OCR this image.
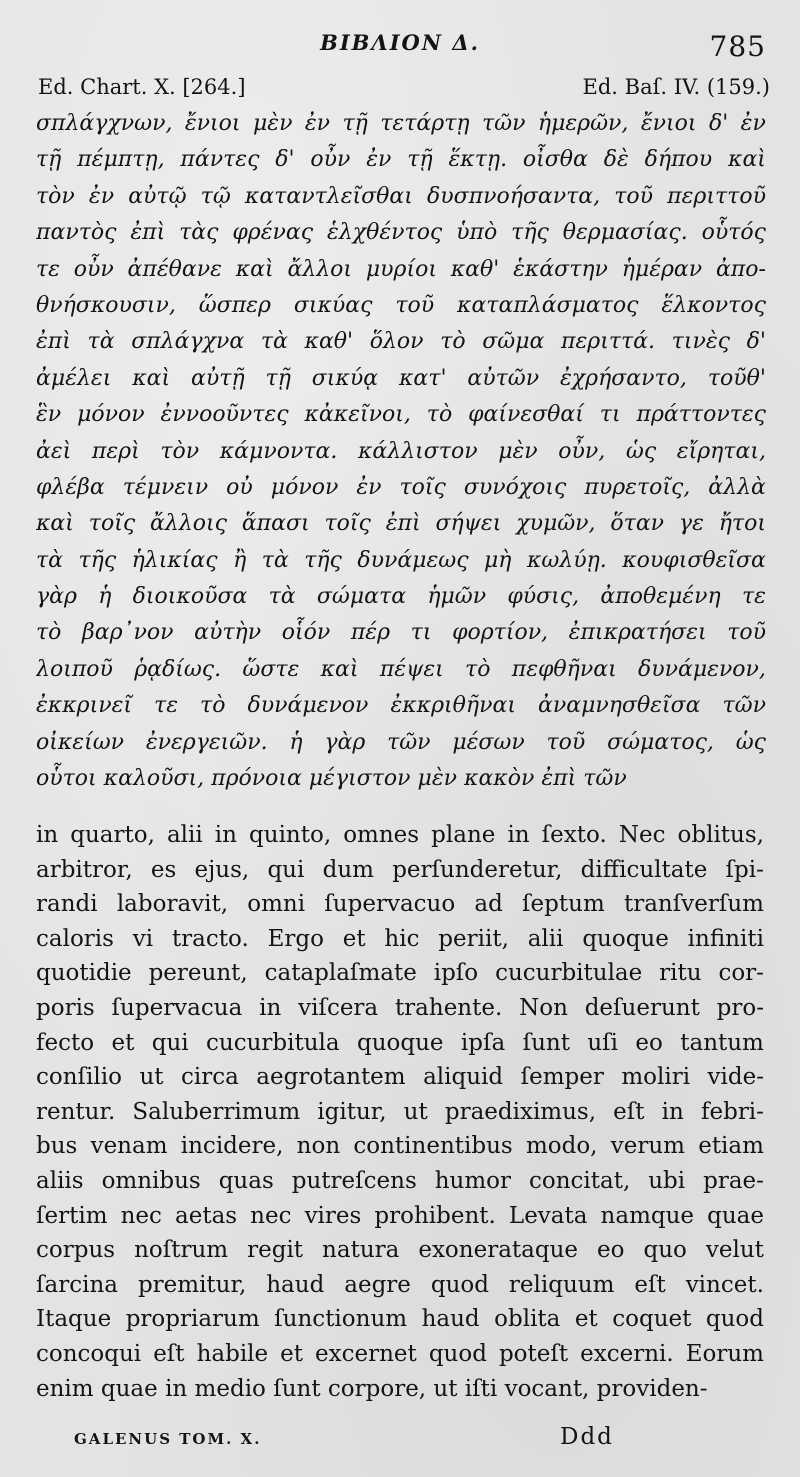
ΒΙΒΛΙΟΝ Δ.	785
Ed. Chart. X. [264.]	Ed. Baſ. IV. (159.)
σπλάγχνων, ἔνιοι μὲν ἐν τῇ τετάρτῃ τῶν ἡμερῶν, ἔνιοι δ' ἐν
τῇ πέμπτῃ, πάντες δ' οὖν ἐν τῇ ἕκτῃ. οἶσθα δὲ δήπου καὶ
τὸν ἐν αὐτῷ τῷ καταντλεῖσθαι δυσπνοήσαντα, τοῦ περιττοῦ
παντὸς ἐπὶ τὰς φρένας ἑλχθέντος ὑπὸ τῆς θερμασίας. οὗτός
τε οὖν ἀπέθανε καὶ ἄλλοι μυρίοι καθ' ἑκάστην ἡμέραν ἀπο-
θνήσκουσιν, ὥσπερ σικύας τοῦ καταπλάσματος ἕλκοντος
ἐπὶ τὰ σπλάγχνα τὰ καθ' ὅλον τὸ σῶμα περιττά. τινὲς δ'
ἀμέλει καὶ αὐτῇ τῇ σικύᾳ κατ' αὐτῶν ἐχρήσαντο, τοῦθ'
ἓν μόνον ἐννοοῦντες κἀκεῖνοι, τὸ φαίνεσθαί τι πράττοντες
ἀεὶ περὶ τὸν κάμνοντα. κάλλιστον μὲν οὖν, ὡς εἴρηται,
φλέβα τέμνειν οὐ μόνον ἐν τοῖς συνόχοις πυρετοῖς, ἀλλὰ
καὶ τοῖς ἄλλοις ἅπασι τοῖς ἐπὶ σήψει χυμῶν, ὅταν γε ἤτοι
τὰ τῆς ἡλικίας ἢ τὰ τῆς δυνάμεως μὴ κωλύῃ. κουφισθεῖσα
γὰρ ἡ διοικοῦσα τὰ σώματα ἡμῶν φύσις, ἀποθεμένη τε
τὸ βαρ᾽νον αὐτὴν οἷόν πέρ τι φορτίον, ἐπικρατήσει τοῦ
λοιποῦ ῥᾳδίως. ὥστε καὶ πέψει τὸ πεφθῆναι δυνάμενον,
ἐκκρινεῖ τε τὸ δυνάμενον ἐκκριθῆναι ἀναμνησθεῖσα τῶν
οἰκείων ἐνεργειῶν. ἡ γὰρ τῶν μέσων τοῦ σώματος, ὡς
οὗτοι καλοῦσι, πρόνοια μέγιστον μὲν κακὸν ἐπὶ τῶν
in quarto, alii in quinto, omnes plane in ſexto. Nec oblitus,
arbitror, es ejus, qui dum perſunderetur, difficultate ſpi-
randi laboravit, omni ſupervacuo ad ſeptum tranſverſum
caloris vi tracto. Ergo et hic periit, alii quoque infiniti
quotidie pereunt, cataplaſmate ipſo cucurbitulae ritu cor-
poris ſupervacua in viſcera trahente. Non deſuerunt pro-
fecto et qui cucurbitula quoque ipſa ſunt uſi eo tantum
conſilio ut circa aegrotantem aliquid ſemper moliri vide-
rentur. Saluberrimum igitur, ut praediximus, eſt in febri-
bus venam incidere, non continentibus modo, verum etiam
aliis omnibus quas putreſcens humor concitat, ubi prae-
ſertim nec aetas nec vires prohibent. Levata namque quae
corpus noſtrum regit natura exonerataque eo quo velut
ſarcina premitur, haud aegre quod reliquum eſt vincet.
Itaque propriarum ſunctionum haud oblita et coquet quod
concoqui eſt habile et excernet quod poteſt excerni. Eorum
enim quae in medio ſunt corpore, ut iſti vocant, providen-
GALENUS TOM. X.	Ddd
